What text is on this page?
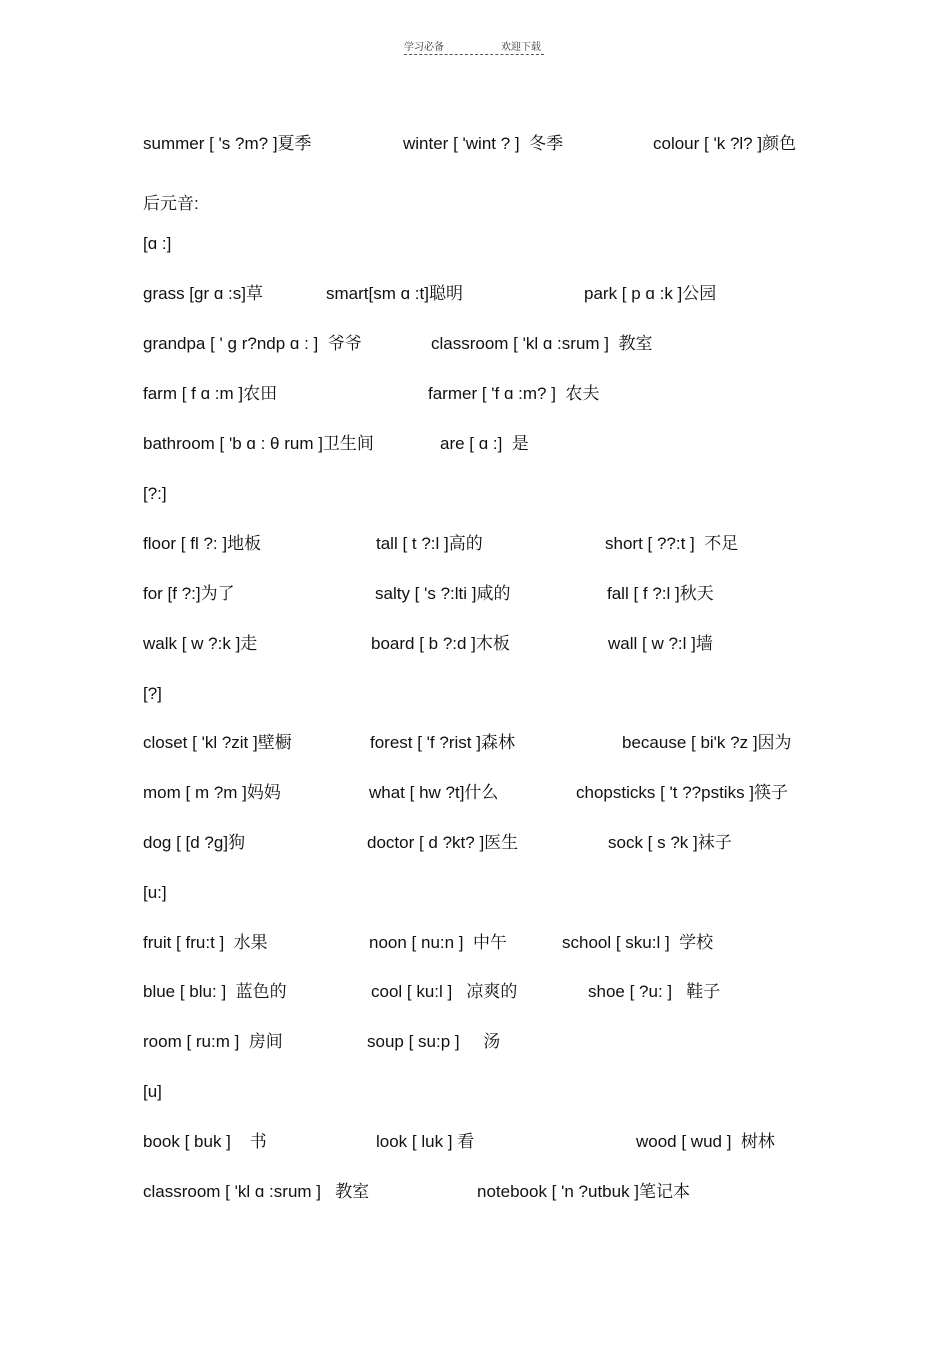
学习必备	欢迎下载
summer [ 's ?m? ]夏季	winter [ 'wint ? ]  冬季	colour [ 'k ?l? ]颜色
后元音:
[ɑ :]
grass [gr ɑ :s]草	smart[sm ɑ :t]聪明	park [ p ɑ :k ]公园
grandpa [ ' ɡ r?ndp ɑ : ]  爷爷	classroom [ 'kl ɑ :srum ]  教室
farm [ f ɑ :m ]农田	farmer [ 'f ɑ :m? ]  农夫
bathroom [ 'b ɑ : θ rum ]卫生间	are [ ɑ :]  是
[?:]
floor [ fl ?: ]地板	tall [ t ?:l ]高的	short [ ??:t ]  不足
for [f ?:]为了	salty [ 's ?:lti ]咸的	fall [ f ?:l ]秋天
walk [ w ?:k ]走	board [ b ?:d ]木板	wall [ w ?:l ]墙
[?]
closet [ 'kl ?zit ]壁橱	forest [ 'f ?rist ]森林	because [ bi'k ?z ]因为
mom [ m ?m ]妈妈	what [ hw ?t]什么	chopsticks [ 't ??pstiks ]筷子
dog [ [d ?g]狗	doctor [ d ?kt? ]医生	sock [ s ?k ]袜子
[u:]
fruit [ fru:t ]  水果	noon [ nu:n ]  中午	school [ sku:l ]  学校
blue [ blu: ]  蓝色的	cool [ ku:l ]   凉爽的	shoe [ ?u: ]   鞋子
room [ ru:m ]  房间	soup [ su:p ]     汤
[u]
book [ buk ]    书	look [ luk ] 看	wood [ wud ]  树林
classroom [ 'kl ɑ :srum ]   教室	notebook [ 'n ?utbuk ]笔记本
